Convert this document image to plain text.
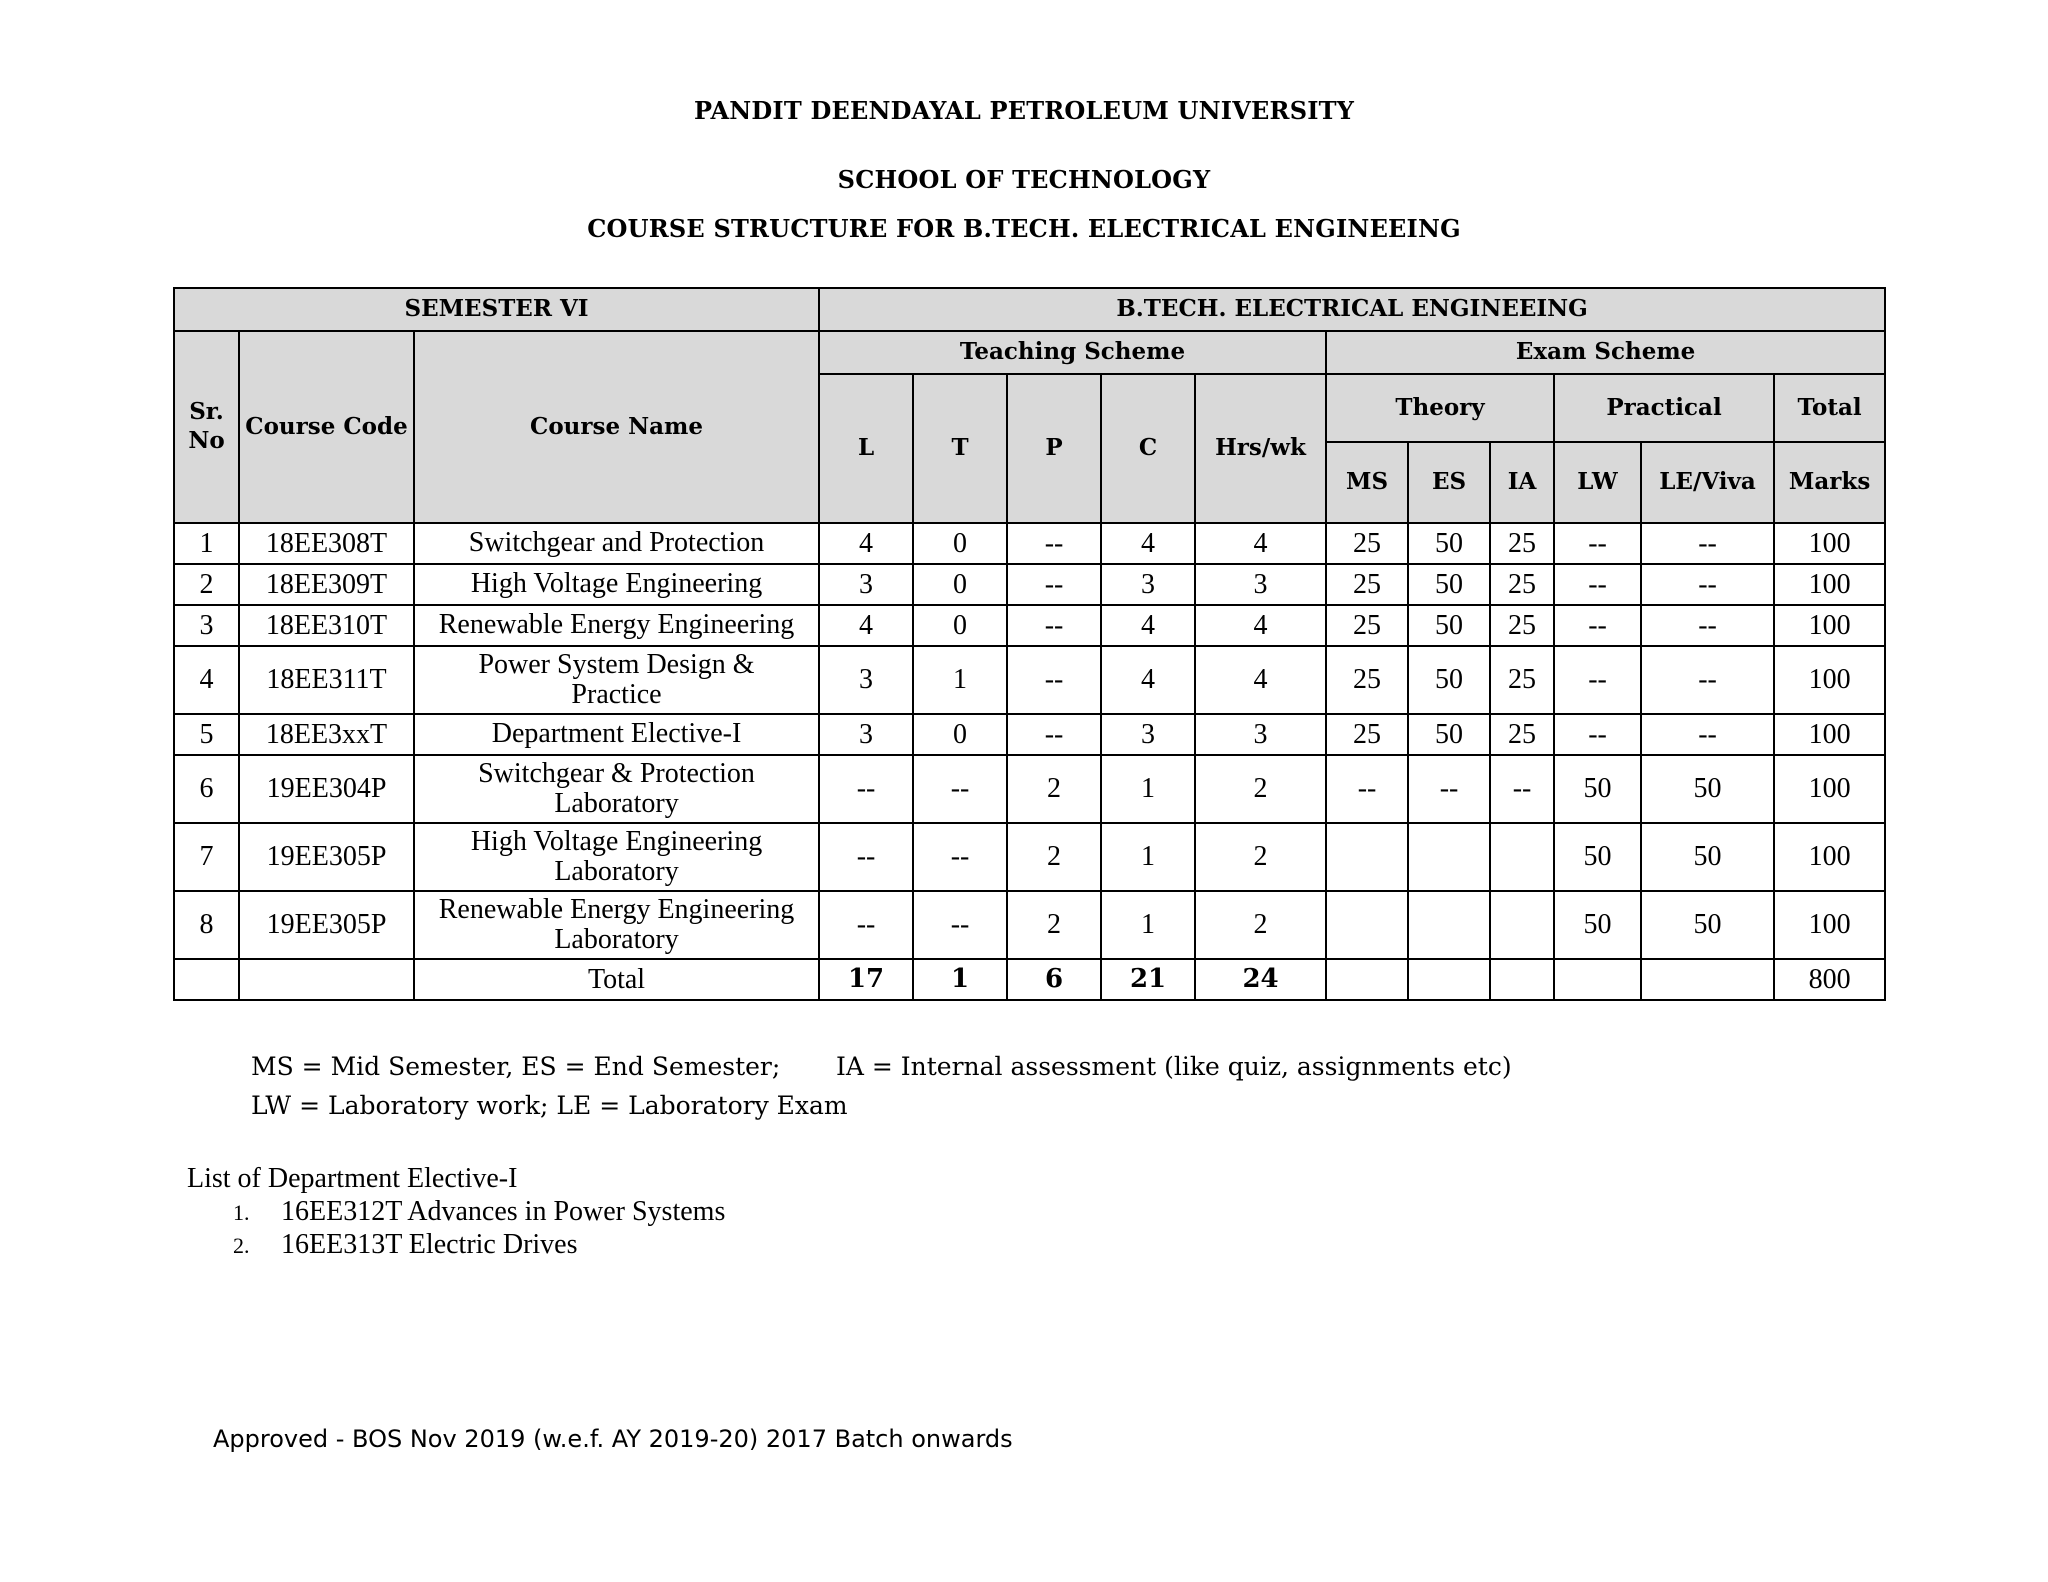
PANDIT DEENDAYAL PETROLEUM UNIVERSITY
SCHOOL OF TECHNOLOGY
COURSE STRUCTURE FOR B.TECH. ELECTRICAL ENGINEEING
SEMESTER VI			B.TECH. ELECTRICAL ENGINEEING										
Sr. No	Course Code	Course Name	Teaching Scheme					Exam Scheme					
			L	T	P	C	Hrs/wk	Theory			Practical		Total
								MS	ES	IA	LW	LE/Viva	Marks

1	18EE308T	Switchgear and Protection	4	0	--	4	4	25	50	25	--	--	100
2	18EE309T	High Voltage Engineering	3	0	--	3	3	25	50	25	--	--	100
3	18EE310T	Renewable Energy Engineering	4	0	--	4	4	25	50	25	--	--	100
4	18EE311T	Power System Design & Practice	3	1	--	4	4	25	50	25	--	--	100
5	18EE3xxT	Department Elective-I	3	0	--	3	3	25	50	25	--	--	100
6	19EE304P	Switchgear & Protection Laboratory	--	--	2	1	2	--	--	--	50	50	100
7	19EE305P	High Voltage Engineering Laboratory	--	--	2	1	2				50	50	100
8	19EE305P	Renewable Energy Engineering Laboratory	--	--	2	1	2				50	50	100
		Total	17	1	6	21	24						800
MS = Mid Semester, ES = End Semester; IA = Internal assessment (like quiz, assignments etc)
LW = Laboratory work; LE = Laboratory Exam
List of Department Elective-I
1. 16EE312T Advances in Power Systems
2. 16EE313T Electric Drives
Approved - BOS Nov 2019 (w.e.f. AY 2019-20) 2017 Batch onwards
